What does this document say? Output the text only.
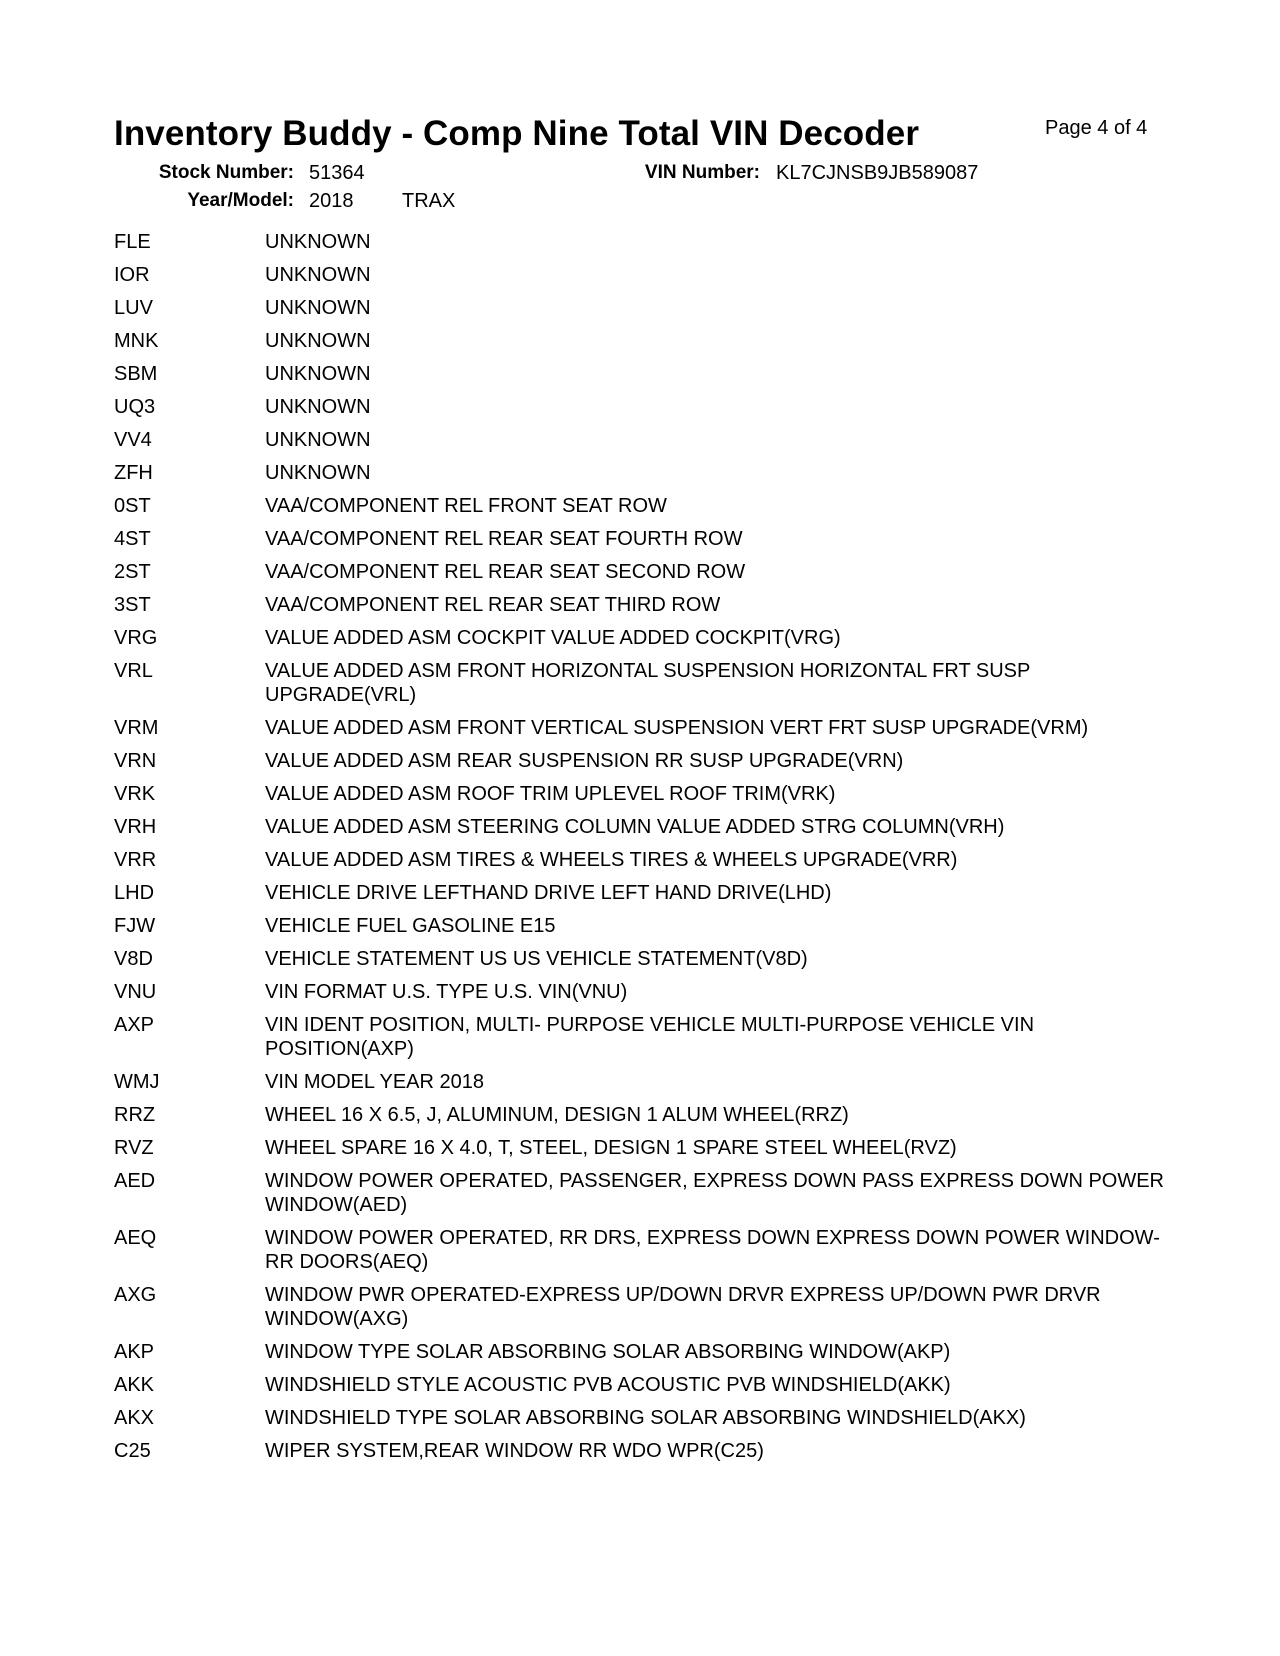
Inventory Buddy - Comp Nine Total VIN Decoder	Page 4 of 4
Stock Number: 51364	VIN Number: KL7CJNSB9JB589087
Year/Model: 2018 TRAX
FLE	UNKNOWN
IOR	UNKNOWN
LUV	UNKNOWN
MNK	UNKNOWN
SBM	UNKNOWN
UQ3	UNKNOWN
VV4	UNKNOWN
ZFH	UNKNOWN
0ST	VAA/COMPONENT REL FRONT SEAT ROW
4ST	VAA/COMPONENT REL REAR SEAT FOURTH ROW
2ST	VAA/COMPONENT REL REAR SEAT SECOND ROW
3ST	VAA/COMPONENT REL REAR SEAT THIRD ROW
VRG	VALUE ADDED ASM COCKPIT VALUE ADDED COCKPIT(VRG)
VRL	VALUE ADDED ASM FRONT HORIZONTAL SUSPENSION HORIZONTAL FRT SUSP UPGRADE(VRL)
VRM	VALUE ADDED ASM FRONT VERTICAL SUSPENSION VERT FRT SUSP UPGRADE(VRM)
VRN	VALUE ADDED ASM REAR SUSPENSION RR SUSP UPGRADE(VRN)
VRK	VALUE ADDED ASM ROOF TRIM UPLEVEL ROOF TRIM(VRK)
VRH	VALUE ADDED ASM STEERING COLUMN VALUE ADDED STRG COLUMN(VRH)
VRR	VALUE ADDED ASM TIRES & WHEELS TIRES & WHEELS UPGRADE(VRR)
LHD	VEHICLE DRIVE LEFTHAND DRIVE LEFT HAND DRIVE(LHD)
FJW	VEHICLE FUEL GASOLINE E15
V8D	VEHICLE STATEMENT US US VEHICLE STATEMENT(V8D)
VNU	VIN FORMAT U.S. TYPE U.S. VIN(VNU)
AXP	VIN IDENT POSITION, MULTI- PURPOSE VEHICLE MULTI-PURPOSE VEHICLE VIN POSITION(AXP)
WMJ	VIN MODEL YEAR 2018
RRZ	WHEEL 16 X 6.5, J, ALUMINUM, DESIGN 1 ALUM WHEEL(RRZ)
RVZ	WHEEL SPARE 16 X 4.0, T, STEEL, DESIGN 1 SPARE STEEL WHEEL(RVZ)
AED	WINDOW POWER OPERATED, PASSENGER, EXPRESS DOWN PASS EXPRESS DOWN POWER WINDOW(AED)
AEQ	WINDOW POWER OPERATED, RR DRS, EXPRESS DOWN EXPRESS DOWN POWER WINDOW-RR DOORS(AEQ)
AXG	WINDOW PWR OPERATED-EXPRESS UP/DOWN DRVR EXPRESS UP/DOWN PWR DRVR WINDOW(AXG)
AKP	WINDOW TYPE SOLAR ABSORBING SOLAR ABSORBING WINDOW(AKP)
AKK	WINDSHIELD STYLE ACOUSTIC PVB ACOUSTIC PVB WINDSHIELD(AKK)
AKX	WINDSHIELD TYPE SOLAR ABSORBING SOLAR ABSORBING WINDSHIELD(AKX)
C25	WIPER SYSTEM,REAR WINDOW RR WDO WPR(C25)
